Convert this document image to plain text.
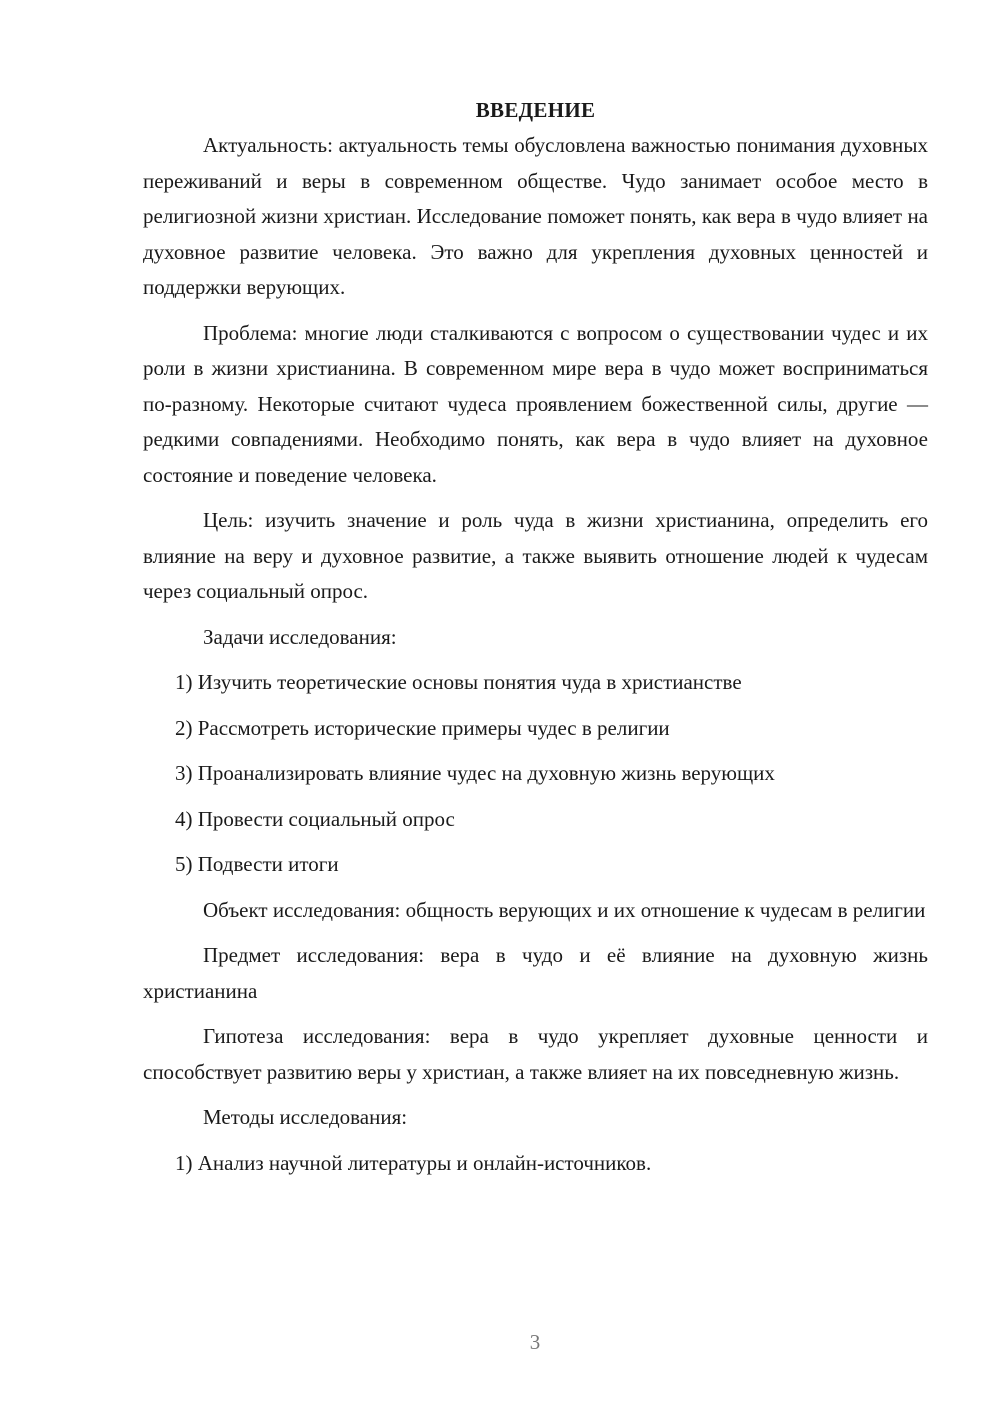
ВВЕДЕНИЕ

Актуальность: актуальность темы обусловлена важностью понимания духовных переживаний и веры в современном обществе. Чудо занимает особое место в религиозной жизни христиан. Исследование поможет понять, как вера в чудо влияет на духовное развитие человека. Это важно для укрепления духовных ценностей и поддержки верующих.

Проблема: многие люди сталкиваются с вопросом о существовании чудес и их роли в жизни христианина. В современном мире вера в чудо может восприниматься по-разному. Некоторые считают чудеса проявлением божественной силы, другие — редкими совпадениями. Необходимо понять, как вера в чудо влияет на духовное состояние и поведение человека.

Цель: изучить значение и роль чуда в жизни христианина, определить его влияние на веру и духовное развитие, а также выявить отношение людей к чудесам через социальный опрос.

Задачи исследования:

1) Изучить теоретические основы понятия чуда в христианстве
2) Рассмотреть исторические примеры чудес в религии
3) Проанализировать влияние чудес на духовную жизнь верующих
4) Провести социальный опрос
5) Подвести итоги

Объект исследования: общность верующих и их отношение к чудесам в религии

Предмет исследования: вера в чудо и её влияние на духовную жизнь христианина

Гипотеза исследования: вера в чудо укрепляет духовные ценности и способствует развитию веры у христиан, а также влияет на их повседневную жизнь.

Методы исследования:

1) Анализ научной литературы и онлайн-источников.
3
